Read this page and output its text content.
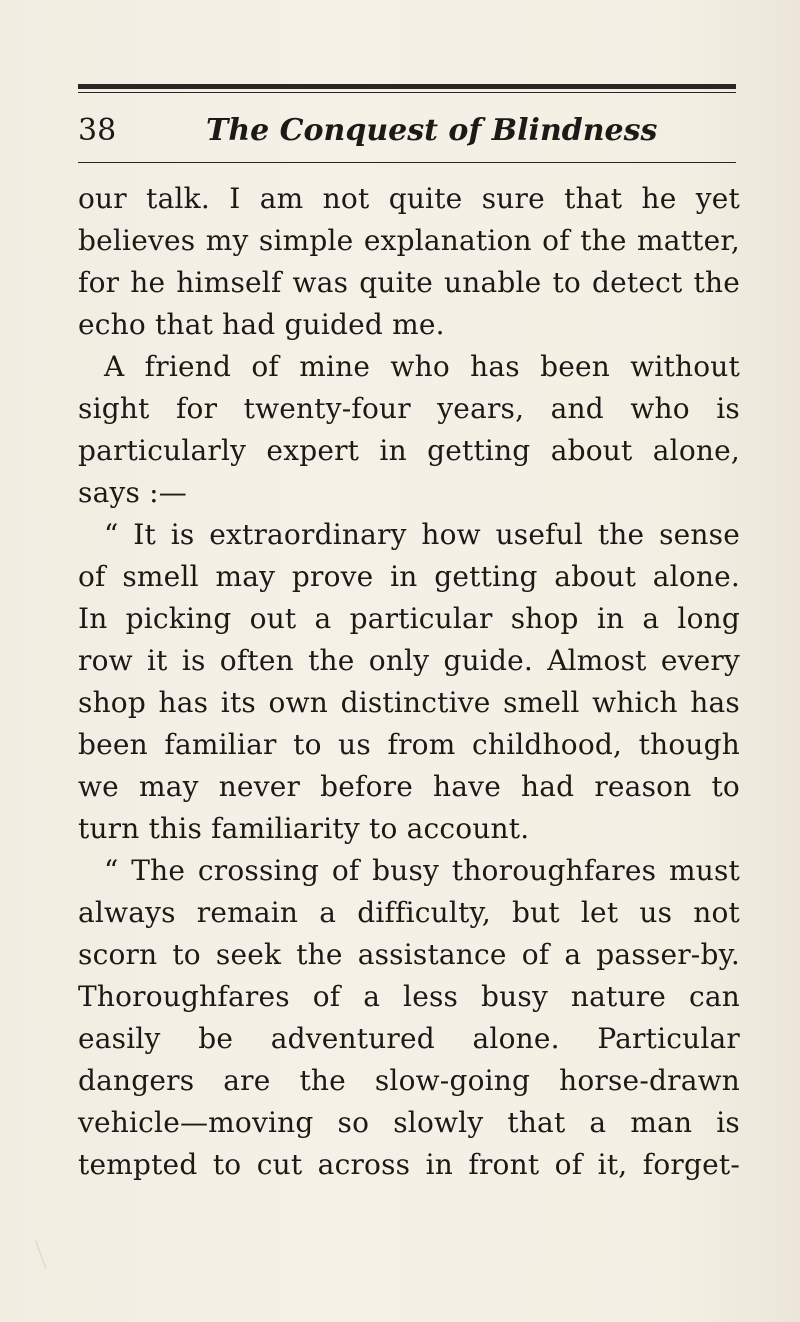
38	The Conquest of Blindness
our talk. I am not quite sure that he yet
believes my simple explanation of the matter,
for he himself was quite unable to detect the
echo that had guided me.
A friend of mine who has been without
sight for twenty-four years, and who is
particularly expert in getting about alone,
says :—
“ It is extraordinary how useful the sense
of smell may prove in getting about alone.
In picking out a particular shop in a long
row it is often the only guide. Almost every
shop has its own distinctive smell which has
been familiar to us from childhood, though
we may never before have had reason to
turn this familiarity to account.
“ The crossing of busy thoroughfares must
always remain a difficulty, but let us not
scorn to seek the assistance of a passer-by.
Thoroughfares of a less busy nature can
easily be adventured alone. Particular
dangers are the slow-going horse-drawn
vehicle—moving so slowly that a man is
tempted to cut across in front of it, forget-
